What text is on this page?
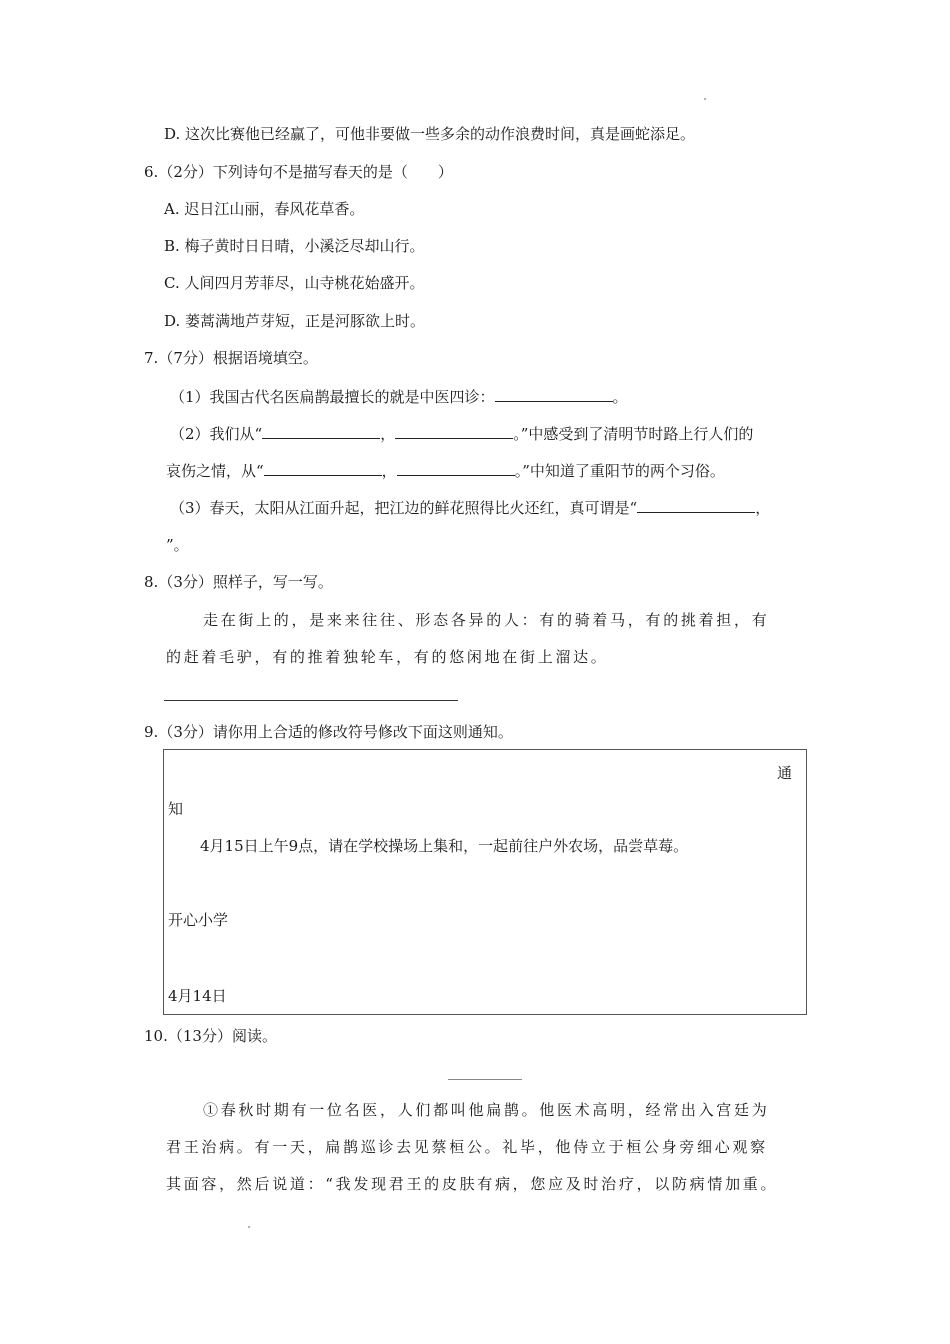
D. 这次比赛他已经赢了，可他非要做一些多余的动作浪费时间，真是画蛇添足。
6.（2分）下列诗句不是描写春天的是（　　）
A. 迟日江山丽，春风花草香。
B. 梅子黄时日日晴，小溪泛尽却山行。
C. 人间四月芳菲尽，山寺桃花始盛开。
D. 蒌蒿满地芦芽短，正是河豚欲上时。
7.（7分）根据语境填空。
（1）我国古代名医扁鹊最擅长的就是中医四诊：	。
（2）我们从“	，	。”中感受到了清明节时路上行人们的
哀伤之情，从“	，	。”中知道了重阳节的两个习俗。
（3）春天，太阳从江面升起，把江边的鲜花照得比火还红，真可谓是“	，
”。
8.（3分）照样子，写一写。
走在街上的，是来来往往、形态各异的人：有的骑着马，有的挑着担，有
的赶着毛驴，有的推着独轮车，有的悠闲地在街上溜达。
9.（3分）请你用上合适的修改符号修改下面这则通知。
通
知
4月15日上午9点，请在学校操场上集和，一起前往户外农场，品尝草莓。
开心小学
4月14日
10.（13分）阅读。
①春秋时期有一位名医，人们都叫他扁鹊。他医术高明，经常出入宫廷为
君王治病。有一天，扁鹊巡诊去见蔡桓公。礼毕，他侍立于桓公身旁细心观察
其面容，然后说道：“我发现君王的皮肤有病，您应及时治疗，以防病情加重。
